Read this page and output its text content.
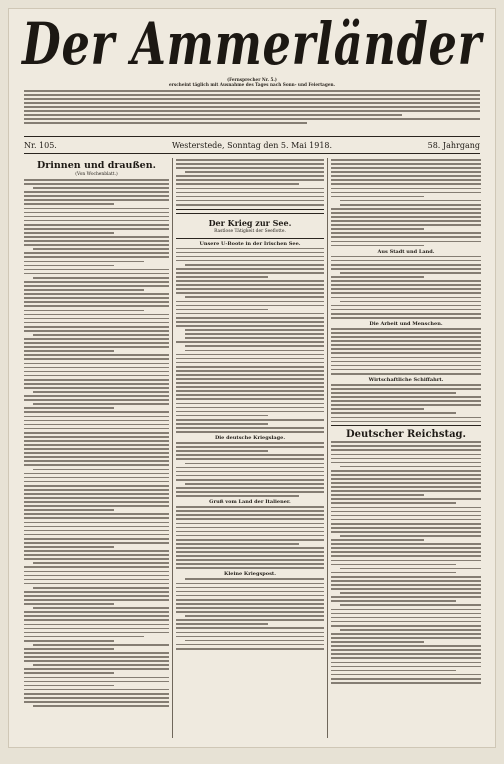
Der Ammerländer
(Fernsprecher Nr. 5.)
erscheint täglich mit Ausnahme des Tages nach Sonn- und Feiertagen.
Nr. 105.	Westerstede, Sonntag den 5. Mai 1918.	58. Jahrgang
Drinnen und draußen.
(Von Wochenblatt.)
Der Krieg zur See.
Rastlose Tätigkeit der Seeflotte.
Unsere U-Boote in der Irischen See.
Die deutsche Kriegslage.
Gruß vom Land der Italiener.
Kleine Kriegspost.
Aus Stadt und Land.
Die Arbeit und Menschen.
Wirtschaftliche Schiffahrt.
Deutscher Reichstag.
